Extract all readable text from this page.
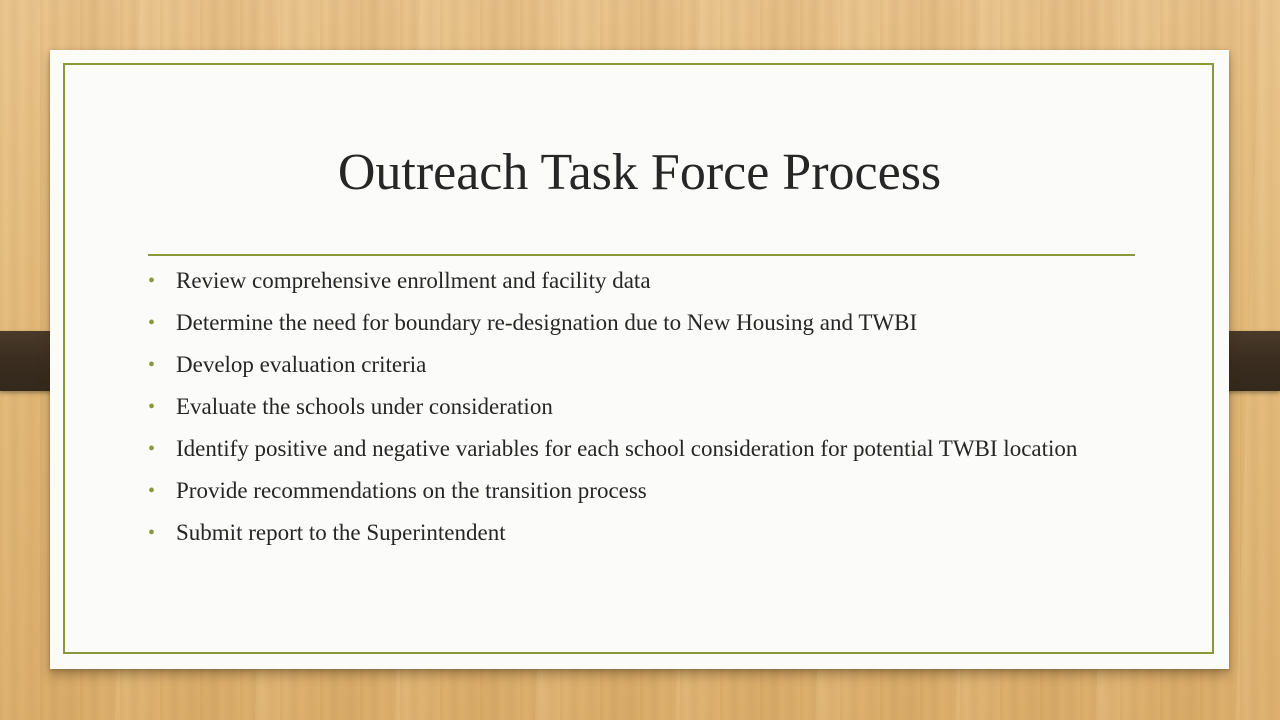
Outreach Task Force Process
• Review comprehensive enrollment and facility data
• Determine the need for boundary re-designation due to New Housing and TWBI
• Develop evaluation criteria
• Evaluate the schools under consideration
• Identify positive and negative variables for each school consideration for potential TWBI location
• Provide recommendations on the transition process
• Submit report to the Superintendent
